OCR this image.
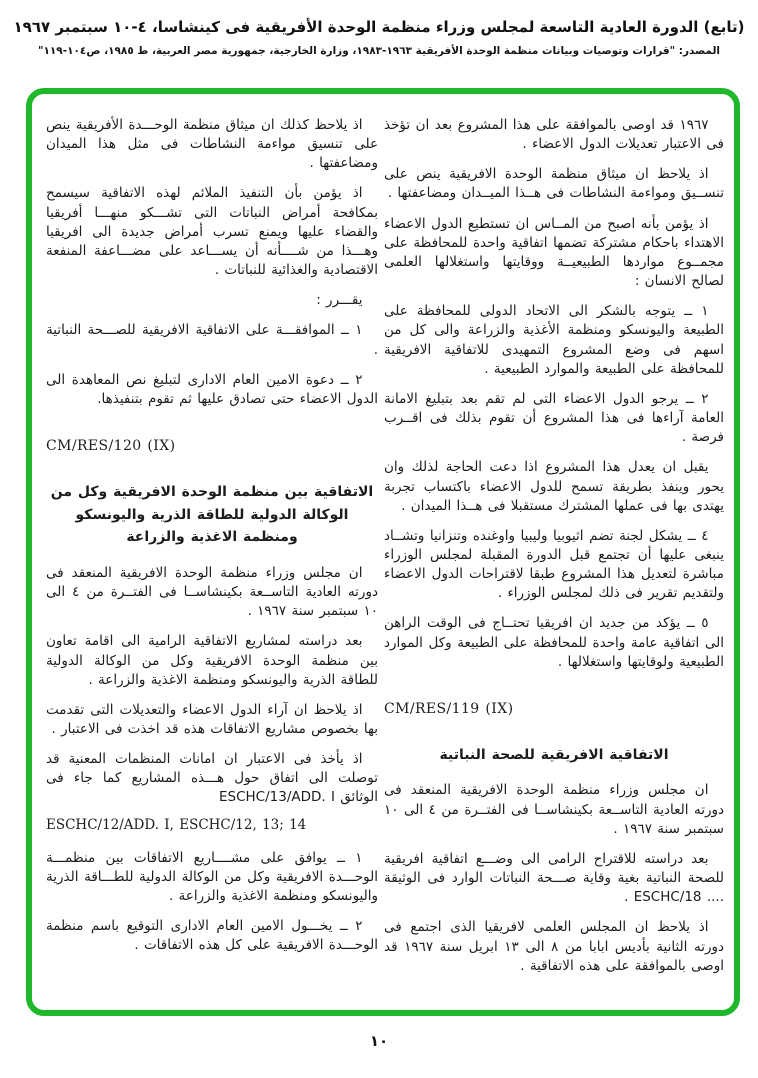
(تابع) الدورة العادية التاسعة لمجلس وزراء منظمة الوحدة الأفريقية فى كينشاسا، ٤-١٠ سبتمبر ١٩٦٧
المصدر: "قرارات وتوصيات وبيانات منظمة الوحدة الأفريقية ١٩٦٣-١٩٨٣، وزارة الخارجية، جمهورية مصر العربية، ط ١٩٨٥، ص١٠٤-١١٩"
١٩٦٧ قد اوصى بالموافقة على هذا المشروع بعد ان تؤخذ فى الاعتبار تعديلات الدول الاعضاء .
اذ يلاحظ ان ميثاق منظمة الوحدة الافريقية ينص على تنســيق ومواءمة النشاطات فى هــذا الميــدان ومضاعفتها .
اذ يؤمن بأنه اصبح من المــاس ان تستطيع الدول الاعضاء الاهتداء باحكام مشتركة تضمها اتفاقية واحدة للمحافظة على مجمــوع مواردها الطبيعيــة ووقايتها واستغلالها العلمى لصالح الانسان :
١ ــ يتوجه بالشكر الى الاتحاد الدولى للمحافظة على الطبيعة واليونسكو ومنظمة الأغذية والزراعة والى كل من اسهم فى وضع المشروع التمهيدى للاتفاقية الافريقية للمحافظة على الطبيعة والموارد الطبيعية .
٢ ــ يرجو الدول الاعضاء التى لم تقم بعد بتبليغ الامانة العامة آراءها فى هذا المشروع أن تقوم بذلك فى اقــرب فرصة .
يقبل ان يعدل هذا المشروع اذا دعت الحاجة لذلك وان يحور وينفذ بطريقة تسمح للدول الاعضاء باكتساب تجربة يهتدى بها فى عملها المشترك مستقبلا فى هــذا الميدان .
٤ ــ يشكل لجنة تضم اثيوبيا وليبيا واوغنده وتنزانيا وتشــاد ينبغى عليها أن تجتمع قبل الدورة المقبلة لمجلس الوزراء مباشرة لتعديل هذا المشروع طبقا لاقتراحات الدول الاعضاء ولتقديم تقرير فى ذلك لمجلس الوزراء .
٥ ــ يؤكد من جديد ان افريقيا تحتــاج فى الوقت الراهن الى اتفاقية عامة واحدة للمحافظة على الطبيعة وكل الموارد الطبيعية ولوقايتها واستغلالها .
CM/RES/119 (IX)
الاتفاقية الافريقية للصحة النباتية
ان مجلس وزراء منظمة الوحدة الافريقية المنعقد فى دورته العادية التاســعة بكينشاســا فى الفتــرة من ٤ الى ١٠ سبتمبر سنة ١٩٦٧ .
بعد دراسته للاقتراح الرامى الى وضـــع اتفاقية افريقية للصحة النباتية بغية وقاية صـــحة النباتات الوارد فى الوثيقة .... ESCHC/18 .
اذ يلاحظ ان المجلس العلمى لافريقيا الذى اجتمع فى دورته الثانية بأديس ابابا من ٨ الى ١٣ ابريل سنة ١٩٦٧ قد اوصى بالموافقة على هذه الاتفاقية .
اذ يلاحظ كذلك ان ميثاق منظمة الوحـــدة الأفريقية ينص على تنسيق مواءمة النشاطات فى مثل هذا الميدان ومضاعفتها .
اذ يؤمن بأن التنفيذ الملائم لهذه الاتفاقية سيسمح بمكافحة أمراض النباتات التى تشـــكو منهـــا أفريقيا والقضاء عليها ويمنع تسرب أمراض جديدة الى افريقيا وهـــذا من شــــأنه أن يســـاعد على مضـــاعفة المنفعة الاقتصادية والغذائية للنباتات .
يقـــرر :
١ ــ الموافقـــة على الاتفاقية الافريقية للصـــحة النباتية .
٢ ــ دعوة الامين العام الادارى لتبليغ نص المعاهدة الى الدول الاعضاء حتى تصادق عليها ثم تقوم بتنفيذها.
CM/RES/120 (IX)
الاتفاقية بين منظمة الوحدة الافريقية وكل من الوكالة الدولية للطاقة الذرية واليونسكو ومنظمة الاغذية والزراعة
ان مجلس وزراء منظمة الوحدة الافريقية المنعقد فى دورته العادية التاســعة بكينشاســا فى الفتــرة من ٤ الى ١٠ سبتمبر سنة ١٩٦٧ .
بعد دراسته لمشاريع الاتفاقية الرامية الى اقامة تعاون بين منظمة الوحدة الافريقية وكل من الوكالة الدولية للطاقة الذرية واليونسكو ومنظمة الاغذية والزراعة .
اذ يلاحظ ان آراء الدول الاعضاء والتعديلات التى تقدمت بها بخصوص مشاريع الاتفاقات هذه قد اخذت فى الاعتبار .
اذ يأخذ فى الاعتبار ان امانات المنظمات المعنية قد توصلت الى اتفاق حول هـــذه المشاريع كما جاء فى الوثائق ESCHC/13/ADD. I
ESCHC/12/ADD. I, ESCHC/12, 13; 14
١ ــ يوافق على مشــــاريع الاتفاقات بين منظمـــة الوحـــدة الافريقية وكل من الوكالة الدولية للطـــاقة الذرية واليونسكو ومنظمة الاغذية والزراعة .
٢ ــ يخـــول الامين العام الادارى التوقيع باسم منظمة الوحـــدة الافريقية على كل هذه الاتفاقات .
١٠
